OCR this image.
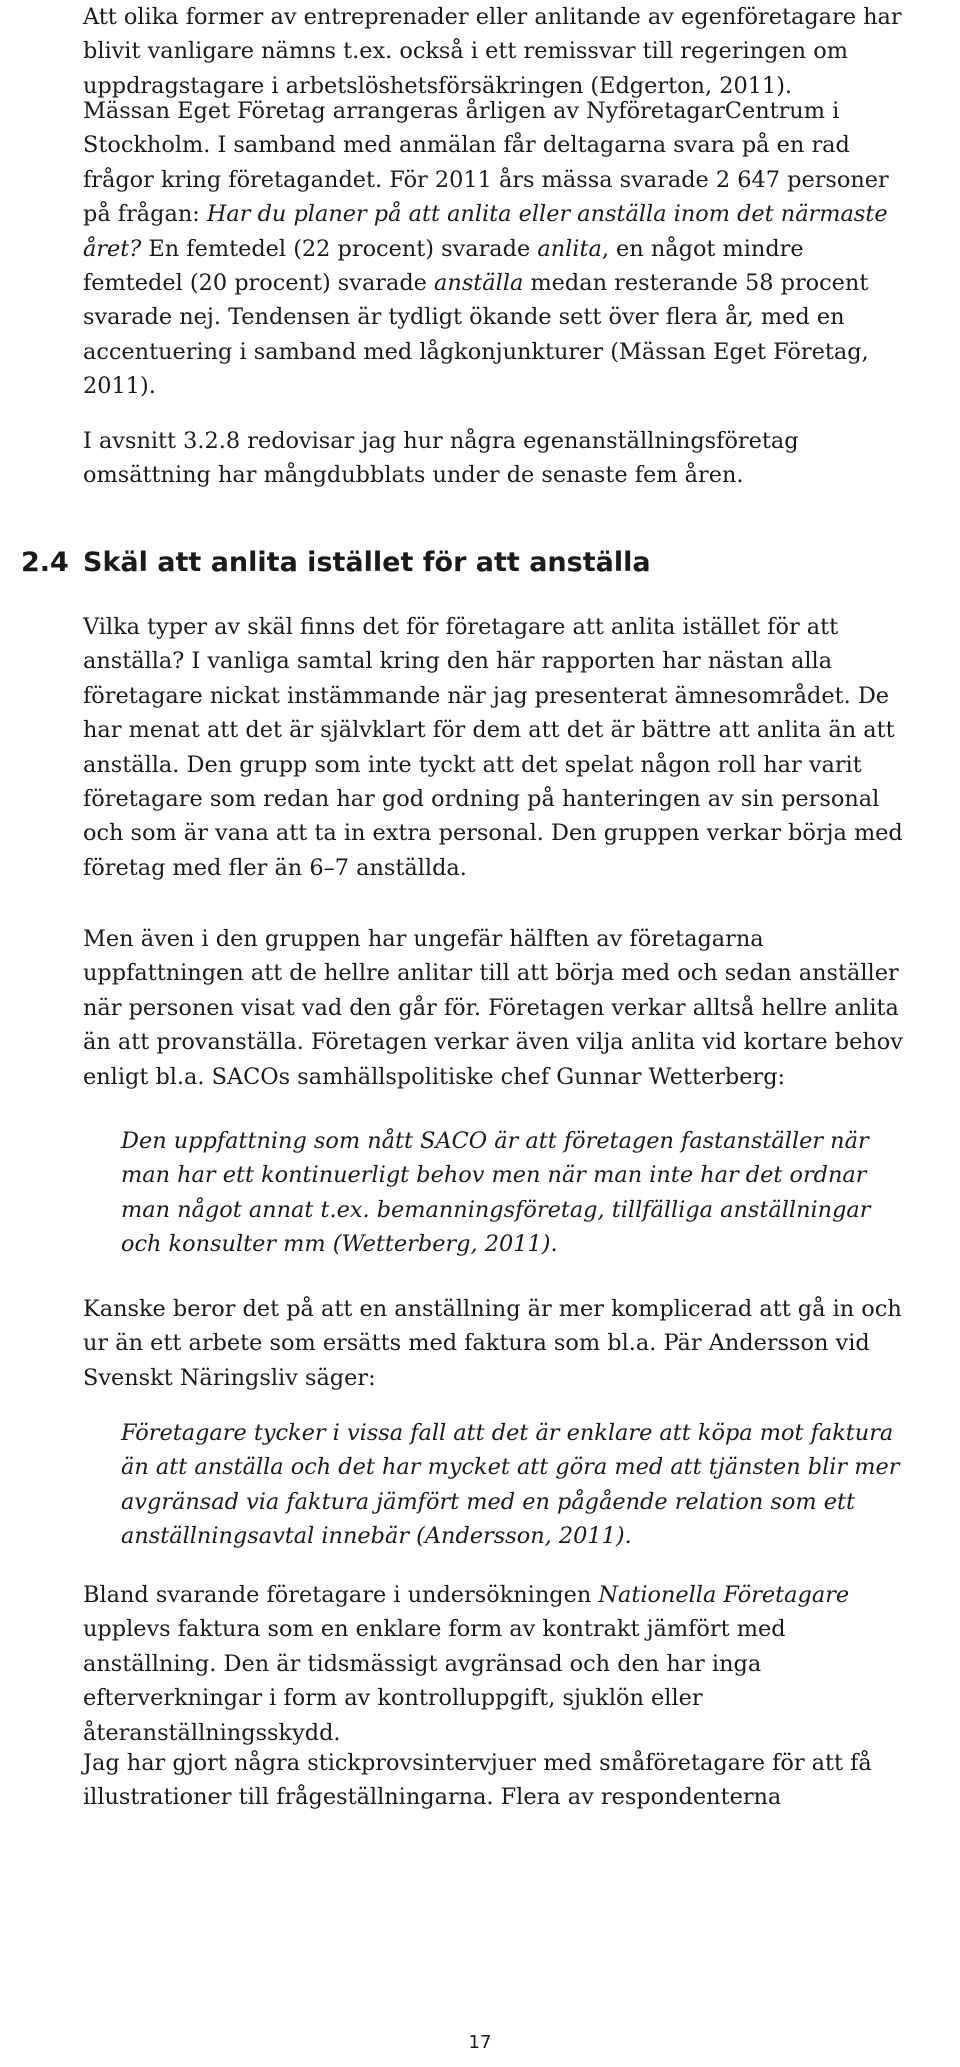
Att olika former av entreprenader eller anlitande av egenföretagare har blivit vanligare nämns t.ex. också i ett remissvar till regeringen om uppdragstagare i arbetslöshetsförsäkringen (Edgerton, 2011).

Mässan Eget Företag arrangeras årligen av NyföretagarCentrum i Stockholm. I samband med anmälan får deltagarna svara på en rad frågor kring företagandet. För 2011 års mässa svarade 2 647 personer på frågan: Har du planer på att anlita eller anställa inom det närmaste året? En femtedel (22 procent) svarade anlita, en något mindre femtedel (20 procent) svarade anställa medan resterande 58 procent svarade nej. Tendensen är tydligt ökande sett över flera år, med en accentuering i samband med lågkonjunkturer (Mässan Eget Företag, 2011).

I avsnitt 3.2.8 redovisar jag hur några egenanställningsföretag omsättning har mångdubblats under de senaste fem åren.

2.4 Skäl att anlita istället för att anställa

Vilka typer av skäl finns det för företagare att anlita istället för att anställa? I vanliga samtal kring den här rapporten har nästan alla företagare nickat instämmande när jag presenterat ämnesområdet. De har menat att det är självklart för dem att det är bättre att anlita än att anställa. Den grupp som inte tyckt att det spelat någon roll har varit företagare som redan har god ordning på hanteringen av sin personal och som är vana att ta in extra personal. Den gruppen verkar börja med företag med fler än 6–7 anställda.

Men även i den gruppen har ungefär hälften av företagarna uppfattningen att de hellre anlitar till att börja med och sedan anställer när personen visat vad den går för. Företagen verkar alltså hellre anlita än att provanställa. Företagen verkar även vilja anlita vid kortare behov enligt bl.a. SACOs samhällspolitiske chef Gunnar Wetterberg:

Den uppfattning som nått SACO är att företagen fastanställer när man har ett kontinuerligt behov men när man inte har det ordnar man något annat t.ex. bemanningsföretag, tillfälliga anställningar och konsulter mm (Wetterberg, 2011).

Kanske beror det på att en anställning är mer komplicerad att gå in och ur än ett arbete som ersätts med faktura som bl.a. Pär Andersson vid Svenskt Näringsliv säger:

Företagare tycker i vissa fall att det är enklare att köpa mot faktura än att anställa och det har mycket att göra med att tjänsten blir mer avgränsad via faktura jämfört med en pågående relation som ett anställningsavtal innebär (Andersson, 2011).

Bland svarande företagare i undersökningen Nationella Företagare upplevs faktura som en enklare form av kontrakt jämfört med anställning. Den är tidsmässigt avgränsad och den har inga efterverkningar i form av kontrolluppgift, sjuklön eller återanställningsskydd.

Jag har gjort några stickprovsintervjuer med småföretagare för att få illustrationer till frågeställningarna. Flera av respondenterna

17
